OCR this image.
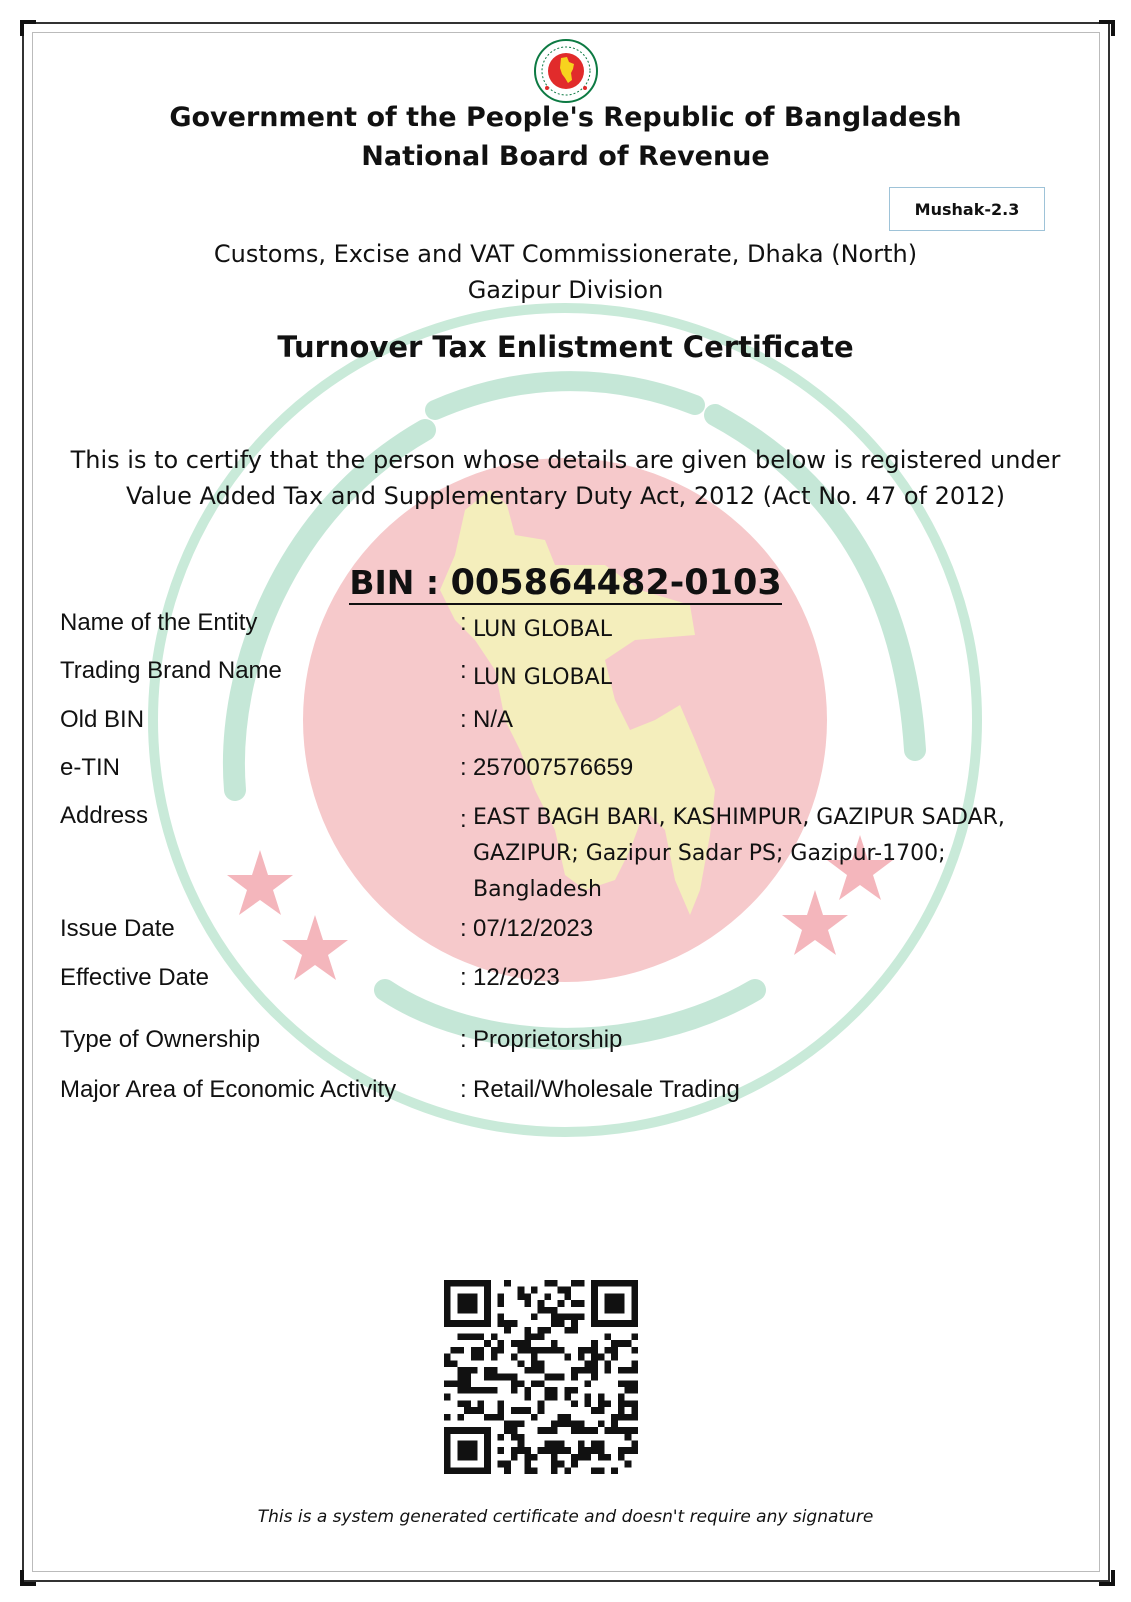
Government of the People's Republic of Bangladesh
National Board of Revenue
Mushak-2.3
Customs, Excise and VAT Commissionerate, Dhaka (North)
Gazipur Division
Turnover Tax Enlistment Certificate
This is to certify that the person whose details are given below is registered under
Value Added Tax and Supplementary Duty Act, 2012 (Act No. 47 of 2012)
BIN : 005864482-0103
Name of the Entity	: LUN GLOBAL
Trading Brand Name	: LUN GLOBAL
Old BIN	: N/A
e-TIN	: 257007576659
Address	: EAST BAGH BARI, KASHIMPUR, GAZIPUR SADAR,
GAZIPUR; Gazipur Sadar PS; Gazipur-1700;
Bangladesh
Issue Date	: 07/12/2023
Effective Date	: 12/2023
Type of Ownership	: Proprietorship
Major Area of Economic Activity	: Retail/Wholesale Trading
This is a system generated certificate and doesn't require any signature
